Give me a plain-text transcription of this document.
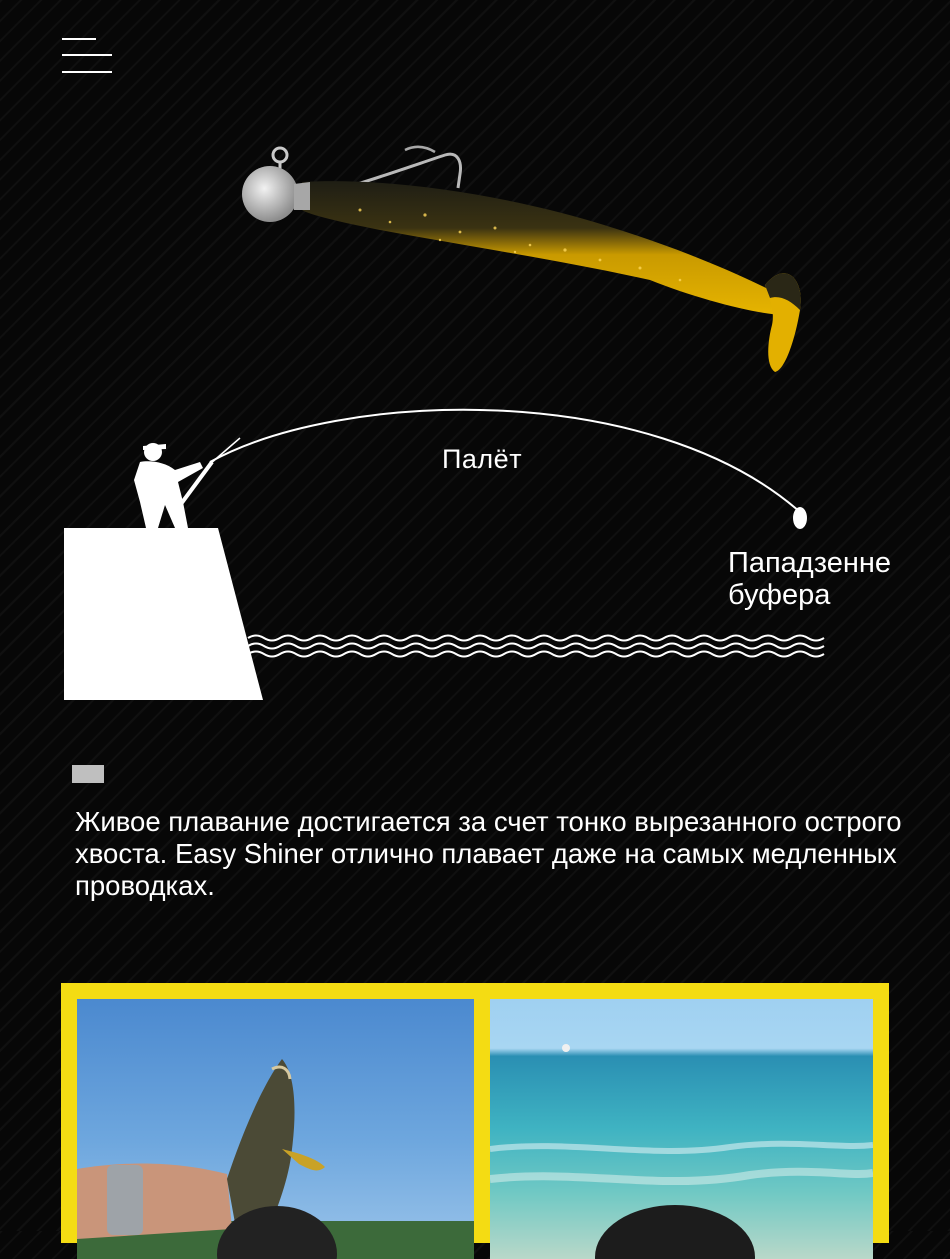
Палёт
Пападзенне
буфера
Живое плавание достигается за счет тонко вырезанного острого хвоста. Easy Shiner отлично плавает даже на самых медленных проводках.
